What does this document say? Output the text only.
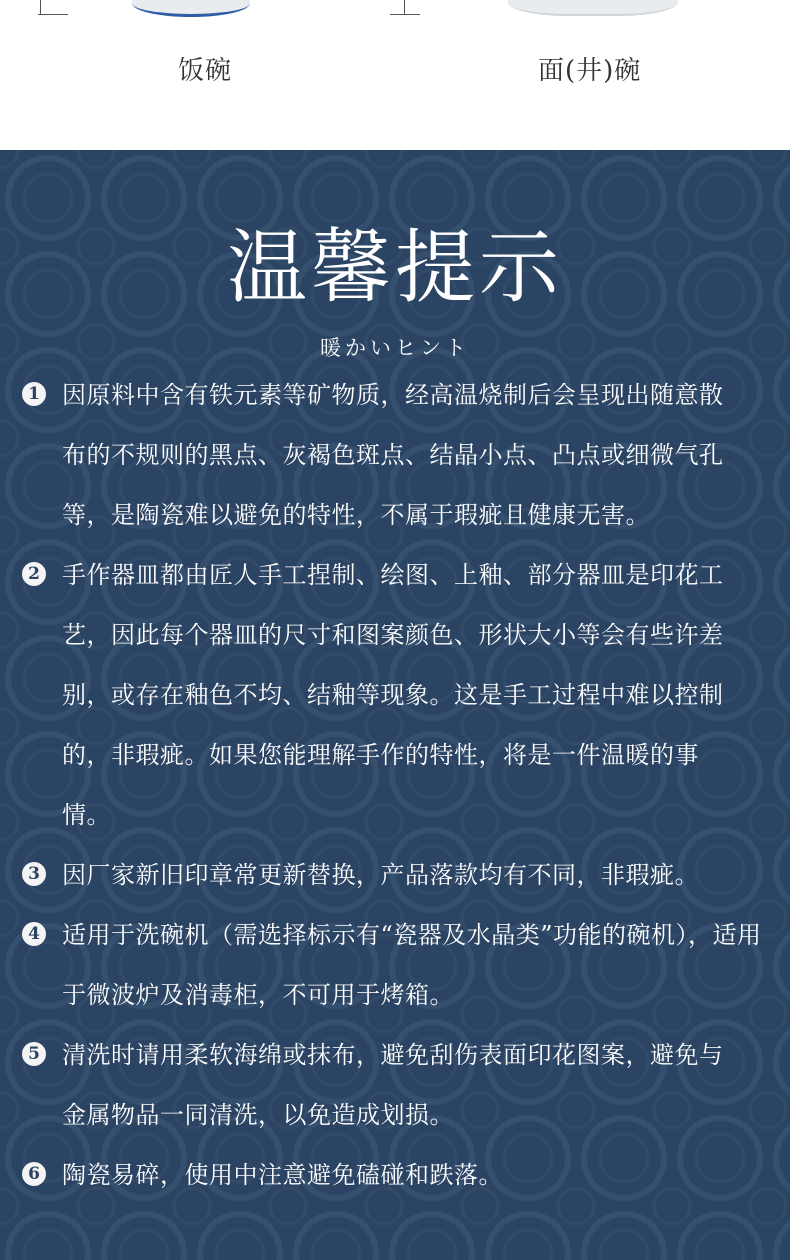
饭碗	面(井)碗
温馨提示
暖かいヒント
1 因原料中含有铁元素等矿物质，经高温烧制后会呈现出随意散布的不规则的黑点、灰褐色斑点、结晶小点、凸点或细微气孔等，是陶瓷难以避免的特性，不属于瑕疵且健康无害。
2 手作器皿都由匠人手工捏制、绘图、上釉、部分器皿是印花工艺，因此每个器皿的尺寸和图案颜色、形状大小等会有些许差别，或存在釉色不均、结釉等现象。这是手工过程中难以控制的，非瑕疵。如果您能理解手作的特性，将是一件温暖的事情。
3 因厂家新旧印章常更新替换，产品落款均有不同，非瑕疵。
4 适用于洗碗机（需选择标示有“瓷器及水晶类”功能的碗机），适用于微波炉及消毒柜，不可用于烤箱。
5 清洗时请用柔软海绵或抹布，避免刮伤表面印花图案，避免与金属物品一同清洗，以免造成划损。
6 陶瓷易碎，使用中注意避免磕碰和跌落。
